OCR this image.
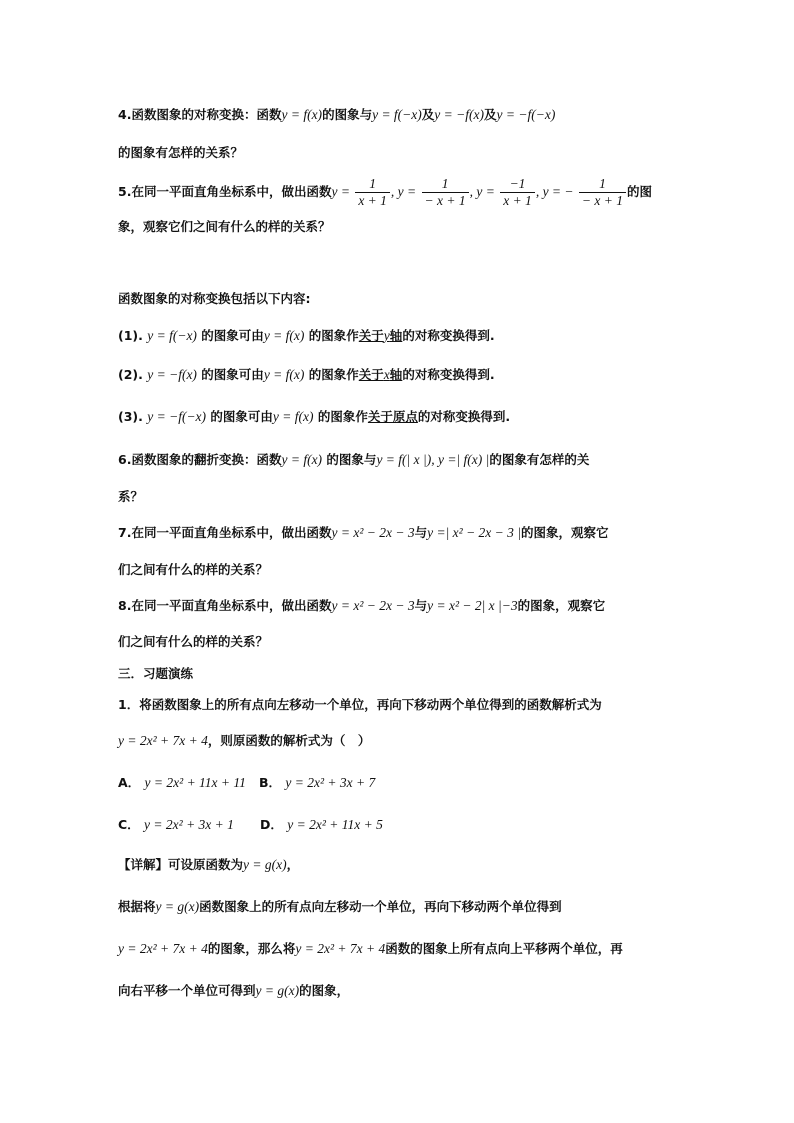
4.函数图象的对称变换：函数y = f(x)的图象与y = f(−x)及y = −f(x)及y = −f(−x)
的图象有怎样的关系？
5.在同一平面直角坐标系中，做出函数$y = \frac{1}{x + 1}$ , $y = \frac{1}{- x + 1}$ , $y = \frac{-1}{x + 1}$ , y = − $\frac{1}{- x + 1}$ 的图
象，观察它们之间有什么的样的关系？
函数图象的对称变换包括以下内容:
(1). y = f(−x) 的图象可由y = f(x) 的图象作关于y轴的对称变换得到.
(2). y = −f(x) 的图象可由y = f(x) 的图象作关于x轴的对称变换得到.
(3). y = −f(−x) 的图象可由y = f(x) 的图象作关于原点的对称变换得到.
6.函数图象的翻折变换：函数y = f(x) 的图象与y = f(| x |), y =| f(x) |的图象有怎样的关
系？
7.在同一平面直角坐标系中，做出函数y = x² − 2x − 3与y =| x² − 2x − 3 |的图象，观察它
们之间有什么的样的关系？
8.在同一平面直角坐标系中，做出函数y = x² − 2x − 3与y = x² − 2| x |−3的图象，观察它
们之间有什么的样的关系？
三．习题演练
1．将函数图象上的所有点向左移动一个单位，再向下移动两个单位得到的函数解析式为
y = 2x² + 7x + 4，则原函数的解析式为（　）
A． y = 2x² + 11x + 11 B． y = 2x² + 3x + 7
C． y = 2x² + 3x + 1 D． y = 2x² + 11x + 5
【详解】可设原函数为y = g(x)，
根据将y = g(x)函数图象上的所有点向左移动一个单位，再向下移动两个单位得到
y = 2x² + 7x + 4的图象，那么将y = 2x² + 7x + 4函数的图象上所有点向上平移两个单位，再
向右平移一个单位可得到y = g(x)的图象，
